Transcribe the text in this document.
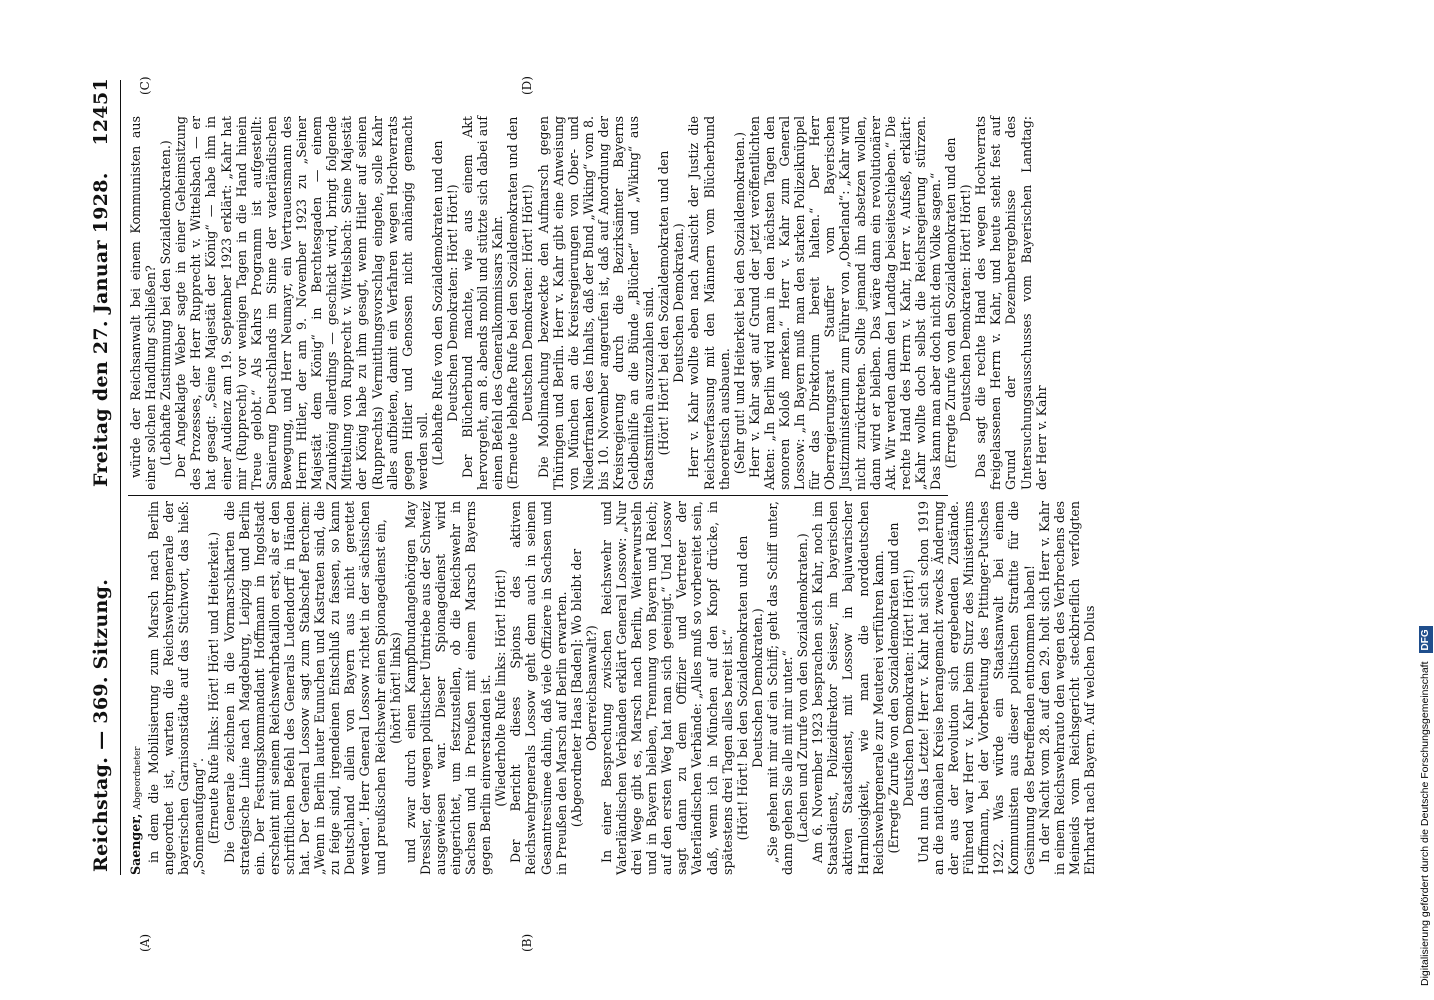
Reichstag. — 369. Sitzung.
Freitag den 27. Januar 1928.
12451
(A)	(B)
(C)	(D)

Saenger, Abgeordneter in dem die Mobilisierung zum Marsch nach Berlin angeordnet ist, warten die Reichswehrgenerale der bayerischen Garnisonstädte auf das Stichwort, das hieß: „Sonnenaufgang“. (Erneute Rufe links: Hört! Hört! und Heiterkeit.) Die Generale zeichnen in die Vormarschkarten die strategische Linie nach Magdeburg, Leipzig und Berlin ein. Der Festungskommandant Hoffmann in Ingolstadt erscheint mit seinem Reichswehrbataillon erst, als er den schriftlichen Befehl des Generals Ludendorff in Händen hat. Der General Lossow sagt zum Stabschef Berchem: „Wenn in Berlin lauter Eunuchen und Kastraten sind, die zu feige sind, irgendeinen Entschluß zu fassen, so kann Deutschland allein von Bayern aus nicht gerettet werden“. Herr General Lossow richtet in der sächsischen und preußischen Reichswehr einen Spionagedienst ein, (hört! hört! links) und zwar durch einen Kampfbundangehörigen May Dressler, der wegen politischer Umtriebe aus der Schweiz ausgewiesen war. Dieser Spionagedienst wird eingerichtet, um festzustellen, ob die Reichswehr in Sachsen und in Preußen mit einem Marsch Bayerns gegen Berlin einverstanden ist. (Wiederholte Rufe links: Hört! Hört!) Der Bericht dieses Spions des aktiven Reichswehrgenerals Lossow geht denn auch in seinem Gesamtresümee dahin, daß viele Offiziere in Sachsen und in Preußen den Marsch auf Berlin erwarten. (Abgeordneter Haas [Baden]: Wo bleibt der Oberreichsanwalt?) In einer Besprechung zwischen Reichswehr und Vaterländischen Verbänden erklärt General Lossow: „Nur drei Wege gibt es, Marsch nach Berlin, Weiterwursteln und in Bayern bleiben, Trennung von Bayern und Reich; auf den ersten Weg hat man sich geeinigt.“ Und Lossow sagt dann zu dem Offizier und Vertreter der Vaterländischen Verbände: „Alles muß so vorbereitet sein, daß, wenn ich in München auf den Knopf drücke, in spätestens drei Tagen alles bereit ist.“ (Hört! Hört! bei den Sozialdemokraten und den Deutschen Demokraten.) „Sie gehen mit mir auf ein Schiff; geht das Schiff unter, dann gehen Sie alle mit mir unter.“ (Lachen und Zurufe von den Sozialdemokraten.) Am 6. November 1923 besprachen sich Kahr, noch im Staatsdienst, Polizeidirektor Seisser, im bayerischen aktiven Staatsdienst, mit Lossow in bajuwarischer Harmlosigkeit, wie man die norddeutschen Reichswehrgenerale zur Meuterei verführen kann. (Erregte Zurufe von den Sozialdemokraten und den Deutschen Demokraten: Hört! Hört!) Und nun das Letzte! Herr v. Kahr hat sich schon 1919 an die nationalen Kreise herangemacht zwecks Änderung der aus der Revolution sich ergebenden Zustände. Führend war Herr v. Kahr beim Sturz des Ministeriums Hoffmann, bei der Vorbereitung des Pittinger-Putsches 1922. Was würde ein Staatsanwalt bei einem Kommunisten aus dieser politischen Straftite für die Gesinnung des Betreffenden entnommen haben! In der Nacht vom 28. auf den 29. holt sich Herr v. Kahr in einem Reichswehrauto den wegen des Verbrechens des Meineids vom Reichsgericht steckbrieflich verfolgten Ehrhardt nach Bayern. Auf welchen Dolus

würde der Reichsanwalt bei einem Kommunisten aus einer solchen Handlung schließen? (Lebhafte Zustimmung bei den Sozialdemokraten.) Der Angeklagte Weber sagte in einer Geheimsitzung des Prozesses, der Herr Rupprecht v. Wittelsbach — er hat gesagt: „Seine Majestät der König“ — habe ihm in einer Audienz am 19. September 1923 erklärt: „Kahr hat mir (Rupprecht) vor wenigen Tagen in die Hand hinein Treue gelobt.“ Als Kahrs Programm ist aufgestellt: Sanierung Deutschlands im Sinne der vaterländischen Bewegung, und Herr Neumayr, ein Vertrauensmann des Herrn Hitler, der am 9. November 1923 zu „Seiner Majestät dem König“ in Berchtesgaden — einem Zaunkönig allerdings — geschickt wird, bringt folgende Mitteilung von Rupprecht v. Wittelsbach: Seine Majestät der König habe zu ihm gesagt, wenn Hitler auf seinen (Rupprechts) Vermittlungsvorschlag eingehe, solle Kahr alles aufbieten, damit ein Verfahren wegen Hochverrats gegen Hitler und Genossen nicht anhängig gemacht werden soll. (Lebhafte Rufe von den Sozialdemokraten und den Deutschen Demokraten: Hört! Hört!) Der Blücherbund machte, wie aus einem Akt hervorgeht, am 8. abends mobil und stützte sich dabei auf einen Befehl des Generalkommissars Kahr. (Erneute lebhafte Rufe bei den Sozialdemokraten und den Deutschen Demokraten: Hört! Hört!) Die Mobilmachung bezweckte den Aufmarsch gegen Thüringen und Berlin. Herr v. Kahr gibt eine Anweisung von München an die Kreisregierungen von Ober- und Niederfranken des Inhalts, daß der Bund „Wiking“ vom 8. bis 10. November angerufen ist, daß auf Anordnung der Kreisregierung durch die Bezirksämter Bayerns Geldbeihilfe an die Bünde „Blücher“ und „Wiking“ aus Staatsmitteln auszuzahlen sind. (Hört! Hört! bei den Sozialdemokraten und den Deutschen Demokraten.) Herr v. Kahr wollte eben nach Ansicht der Justiz die Reichsverfassung mit den Männern vom Blücherbund theoretisch ausbauen. (Sehr gut! und Heiterkeit bei den Sozialdemokraten.) Herr v. Kahr sagt auf Grund der jetzt veröffentlichten Akten: „In Berlin wird man in den nächsten Tagen den sonoren Koloß merken.“ Herr v. Kahr zum General Lossow: „In Bayern muß man den starken Polizeiknüppel für das Direktorium bereit halten.“ Der Herr Oberregierungsrat Stauffer vom Bayerischen Justizministerium zum Führer von „Oberland“: „Kahr wird nicht zurücktreten. Sollte jemand ihn absetzen wollen, dann wird er bleiben. Das wäre dann ein revolutionärer Akt. Wir werden dann den Landtag beiseiteschieben.“ Die rechte Hand des Herrn v. Kahr, Herr v. Aufseß, erklärt: „Kahr wollte doch selbst die Reichsregierung stürzen. Das kann man aber doch nicht dem Volke sagen.“ (Erregte Zurufe von den Sozialdemokraten und den Deutschen Demokraten: Hört! Hört!) Das sagt die rechte Hand des wegen Hochverrats freigelassenen Herrn v. Kahr, und heute steht fest auf Grund der Dezemberergebnisse des Untersuchungsausschusses vom Bayerischen Landtag: der Herr v. Kahr

Digitalisierung gefördert durch die Deutsche ForschungsgemeinschaftDFG
